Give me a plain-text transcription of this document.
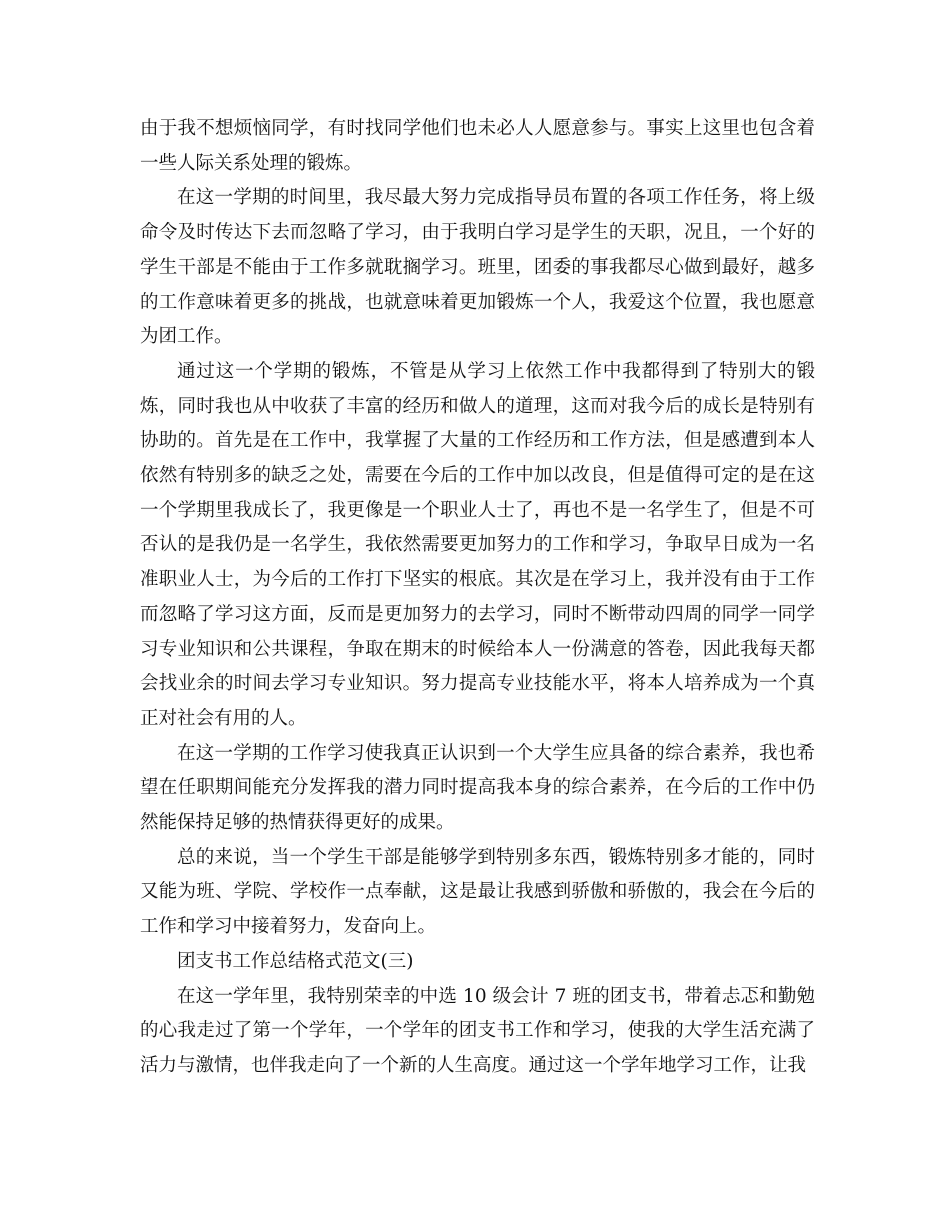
由于我不想烦恼同学，有时找同学他们也未必人人愿意参与。事实上这里也包含着一些人际关系处理的锻炼。

在这一学期的时间里，我尽最大努力完成指导员布置的各项工作任务，将上级命令及时传达下去而忽略了学习，由于我明白学习是学生的天职，况且，一个好的学生干部是不能由于工作多就耽搁学习。班里，团委的事我都尽心做到最好，越多的工作意味着更多的挑战，也就意味着更加锻炼一个人，我爱这个位置，我也愿意为团工作。

通过这一个学期的锻炼，不管是从学习上依然工作中我都得到了特别大的锻炼，同时我也从中收获了丰富的经历和做人的道理，这而对我今后的成长是特别有协助的。首先是在工作中，我掌握了大量的工作经历和工作方法，但是感遭到本人依然有特别多的缺乏之处，需要在今后的工作中加以改良，但是值得可定的是在这一个学期里我成长了，我更像是一个职业人士了，再也不是一名学生了，但是不可否认的是我仍是一名学生，我依然需要更加努力的工作和学习，争取早日成为一名准职业人士，为今后的工作打下坚实的根底。其次是在学习上，我并没有由于工作而忽略了学习这方面，反而是更加努力的去学习，同时不断带动四周的同学一同学习专业知识和公共课程，争取在期末的时候给本人一份满意的答卷，因此我每天都会找业余的时间去学习专业知识。努力提高专业技能水平，将本人培养成为一个真正对社会有用的人。

在这一学期的工作学习使我真正认识到一个大学生应具备的综合素养，我也希望在任职期间能充分发挥我的潜力同时提高我本身的综合素养，在今后的工作中仍然能保持足够的热情获得更好的成果。

总的来说，当一个学生干部是能够学到特别多东西，锻炼特别多才能的，同时又能为班、学院、学校作一点奉献，这是最让我感到骄傲和骄傲的，我会在今后的工作和学习中接着努力，发奋向上。

团支书工作总结格式范文(三)

在这一学年里，我特别荣幸的中选 10 级会计 7 班的团支书，带着忐忑和勤勉的心我走过了第一个学年，一个学年的团支书工作和学习，使我的大学生活充满了活力与激情，也伴我走向了一个新的人生高度。通过这一个学年地学习工作，让我
